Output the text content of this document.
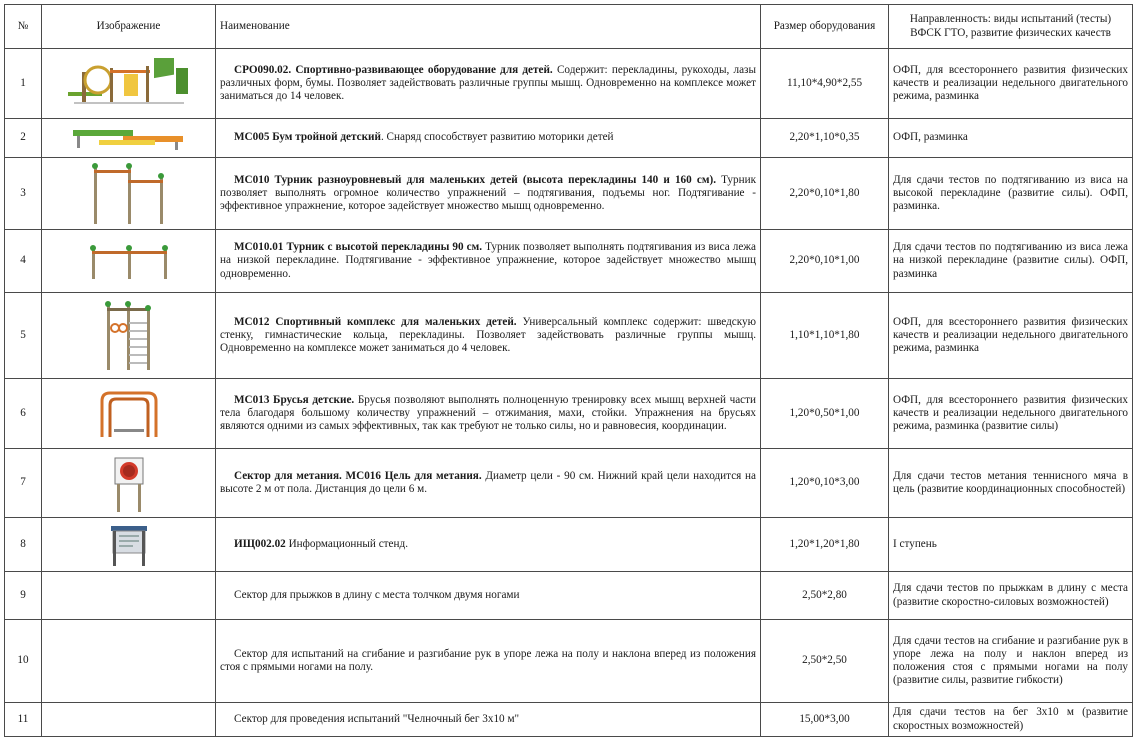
№	Изображение	Наименование	Размер оборудования	Направленность: виды испытаний (тесты) ВФСК ГТО, развитие физических качеств
1		СРО090.02. Спортивно-развивающее оборудование для детей. Содержит: перекладины, рукоходы, лазы различных форм, бумы. Позволяет задействовать различные группы мышц. Одновременно на комплексе может заниматься до 14 человек.	11,10*4,90*2,55	ОФП, для всестороннего развития физических качеств и реализации недельного двигательного режима, разминка
2		МС005 Бум тройной детский. Снаряд способствует развитию моторики детей	2,20*1,10*0,35	ОФП, разминка
3		МС010 Турник разноуровневый для маленьких детей (высота перекладины 140 и 160 см). Турник позволяет выполнять огромное количество упражнений – подтягивания, подъемы ног. Подтягивание - эффективное упражнение, которое задействует множество мышц одновременно.	2,20*0,10*1,80	Для сдачи тестов по подтягиванию из виса на высокой перекладине (развитие силы). ОФП, разминка.
4		МС010.01 Турник с высотой перекладины 90 см. Турник позволяет выполнять подтягивания из виса лежа на низкой перекладине. Подтягивание - эффективное упражнение, которое задействует множество мышц одновременно.	2,20*0,10*1,00	Для сдачи тестов по подтягиванию из виса лежа на низкой перекладине (развитие силы). ОФП, разминка
5		МС012 Спортивный комплекс для маленьких детей. Универсальный комплекс содержит: шведскую стенку, гимнастические кольца, перекладины. Позволяет задействовать различные группы мышц. Одновременно на комплексе может заниматься до 4 человек.	1,10*1,10*1,80	ОФП, для всестороннего развития физических качеств и реализации недельного двигательного режима, разминка
6		МС013 Брусья детские. Брусья позволяют выполнять полноценную тренировку всех мышц верхней части тела благодаря большому количеству упражнений – отжимания, махи, стойки. Упражнения на брусьях являются одними из самых эффективных, так как требуют не только силы, но и равновесия, координации.	1,20*0,50*1,00	ОФП, для всестороннего развития физических качеств и реализации недельного двигательного режима, разминка (развитие силы)
7		Сектор для метания. МС016 Цель для метания. Диаметр цели - 90 см. Нижний край цели находится на высоте 2 м от пола. Дистанция до цели 6 м.	1,20*0,10*3,00	Для сдачи тестов метания теннисного мяча в цель (развитие координационных способностей)
8		ИЩ002.02 Информационный стенд.	1,20*1,20*1,80	I ступень
9		Сектор для прыжков в длину с места толчком двумя ногами	2,50*2,80	Для сдачи тестов по прыжкам в длину с места (развитие скоростно-силовых возможностей)
10		Сектор для испытаний на сгибание и разгибание рук в упоре лежа на полу и наклона вперед из положения стоя с прямыми ногами на полу.	2,50*2,50	Для сдачи тестов на сгибание и разгибание рук в упоре лежа на полу и наклон вперед из положения стоя с прямыми ногами на полу (развитие силы, развитие гибкости)
11		Сектор для проведения испытаний "Челночный бег 3х10 м"	15,00*3,00	Для сдачи тестов на бег 3х10 м (развитие скоростных возможностей)
